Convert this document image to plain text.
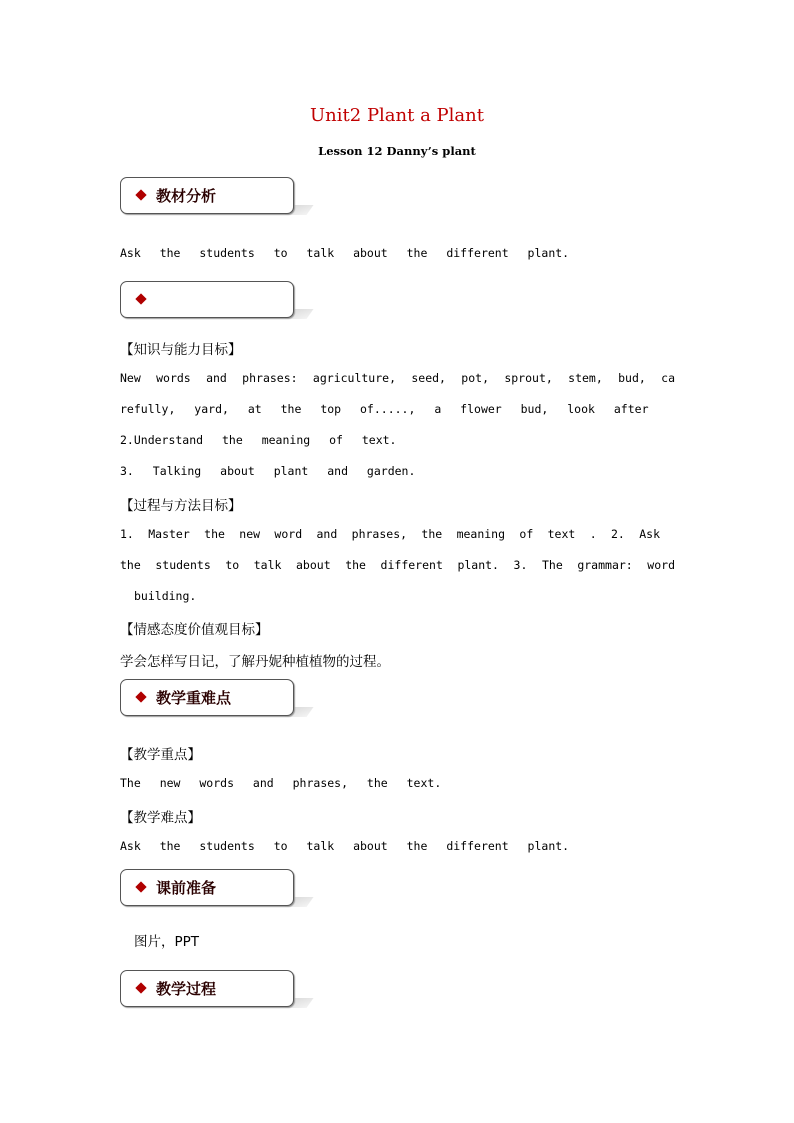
Unit2 Plant a Plant
Lesson 12 Danny’s plant
教材分析
Ask the students to talk about the different plant.
【知识与能力目标】
New words and phrases: agriculture, seed, pot, sprout, stem, bud, ca
refully, yard, at the top of....., a flower bud, look after
2.Understand the meaning of text.
3. Talking about plant and garden.
【过程与方法目标】
1. Master the new word and phrases, the meaning of text . 2. Ask
the students to talk about the different plant. 3. The grammar: word
building.
【情感态度价值观目标】
学会怎样写日记，了解丹妮种植植物的过程。
教学重难点
【教学重点】
The new words and phrases, the text.
【教学难点】
Ask the students to talk about the different plant.
课前准备
图片，PPT
教学过程
